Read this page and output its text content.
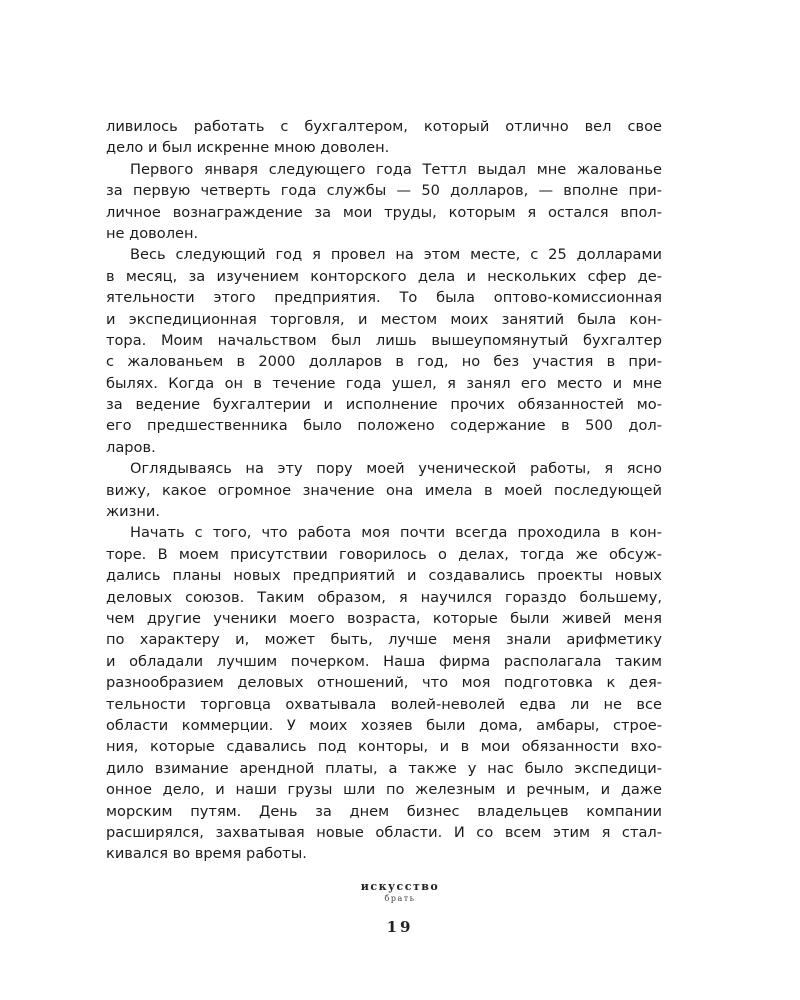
ливилось работать с бухгалтером, который отлично вел свое
дело и был искренне мною доволен.
Первого января следующего года Теттл выдал мне жалованье
за первую четверть года службы — 50 долларов, — вполне при-
личное вознаграждение за мои труды, которым я остался впол-
не доволен.
Весь следующий год я провел на этом месте, с 25 долларами
в месяц, за изучением конторского дела и нескольких сфер де-
ятельности этого предприятия. То была оптово-комиссионная
и экспедиционная торговля, и местом моих занятий была кон-
тора. Моим начальством был лишь вышеупомянутый бухгалтер
с жалованьем в 2000 долларов в год, но без участия в при-
былях. Когда он в течение года ушел, я занял его место и мне
за ведение бухгалтерии и исполнение прочих обязанностей мо-
его предшественника было положено содержание в 500 дол-
ларов.
Оглядываясь на эту пору моей ученической работы, я ясно
вижу, какое огромное значение она имела в моей последующей
жизни.
Начать с того, что работа моя почти всегда проходила в кон-
торе. В моем присутствии говорилось о делах, тогда же обсуж-
дались планы новых предприятий и создавались проекты новых
деловых союзов. Таким образом, я научился гораздо большему,
чем другие ученики моего возраста, которые были живей меня
по характеру и, может быть, лучше меня знали арифметику
и обладали лучшим почерком. Наша фирма располагала таким
разнообразием деловых отношений, что моя подготовка к дея-
тельности торговца охватывала волей-неволей едва ли не все
области коммерции. У моих хозяев были дома, амбары, строе-
ния, которые сдавались под конторы, и в мои обязанности вхо-
дило взимание арендной платы, а также у нас было экспедици-
онное дело, и наши грузы шли по железным и речным, и даже
морским путям. День за днем бизнес владельцев компании
расширялся, захватывая новые области. И со всем этим я стал-
кивался во время работы.
искусство
брать
19
